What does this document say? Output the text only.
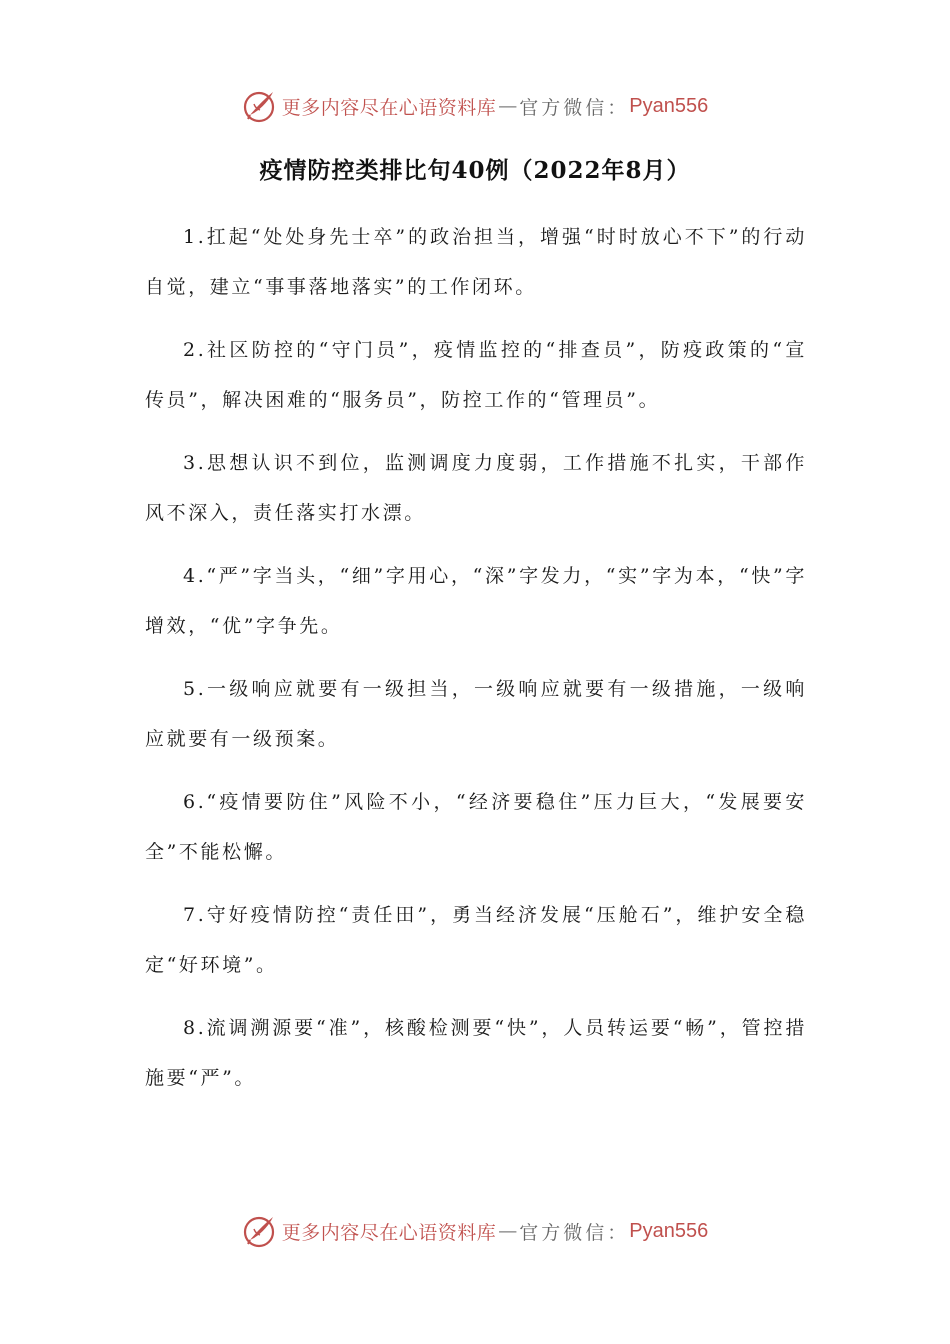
更多内容尽在心语资料库 — 官方微信： Pyan556
疫情防控类排比句40例（2022年8月）

1.扛起“处处身先士卒”的政治担当，增强“时时放心不下”的行动自觉，建立“事事落地落实”的工作闭环。

2.社区防控的“守门员”，疫情监控的“排查员”，防疫政策的“宣传员”，解决困难的“服务员”，防控工作的“管理员”。

3.思想认识不到位，监测调度力度弱，工作措施不扎实，干部作风不深入，责任落实打水漂。

4.“严”字当头，“细”字用心，“深”字发力，“实”字为本，“快”字增效，“优”字争先。

5.一级响应就要有一级担当，一级响应就要有一级措施，一级响应就要有一级预案。

6.“疫情要防住”风险不小，“经济要稳住”压力巨大，“发展要安全”不能松懈。

7.守好疫情防控“责任田”，勇当经济发展“压舱石”，维护安全稳定“好环境”。

8.流调溯源要“准”，核酸检测要“快”，人员转运要“畅”，管控措施要“严”。

更多内容尽在心语资料库 — 官方微信： Pyan556
